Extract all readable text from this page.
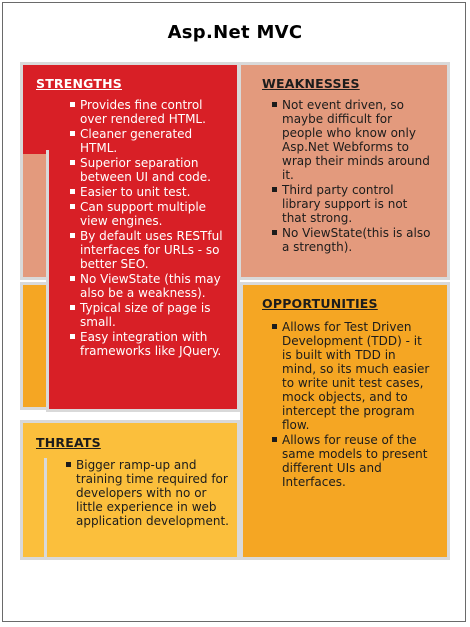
Asp.Net MVC
STRENGTHS	WEAKNESSES
OPPORTUNITIES
THREATS
Provides fine control over rendered HTML.
Cleaner generated HTML.
Superior separation between UI and code.
Easier to unit test.
Can support multiple view engines.
By default uses RESTful interfaces for URLs - so better SEO.
No ViewState (this may also be a weakness).
Typical size of page is small.
Easy integration with frameworks like JQuery.
Not event driven, so maybe difficult for people who know only Asp.Net Webforms to wrap their minds around it.
Third party control library support is not that strong.
No ViewState(this is also a strength).
Allows for Test Driven Development (TDD) - it is built with TDD in mind, so its much easier to write unit test cases, mock objects, and to intercept the program flow.
Allows for reuse of the same models to present different UIs and Interfaces.
Bigger ramp-up and training time required for developers with no or little experience in web application development.
